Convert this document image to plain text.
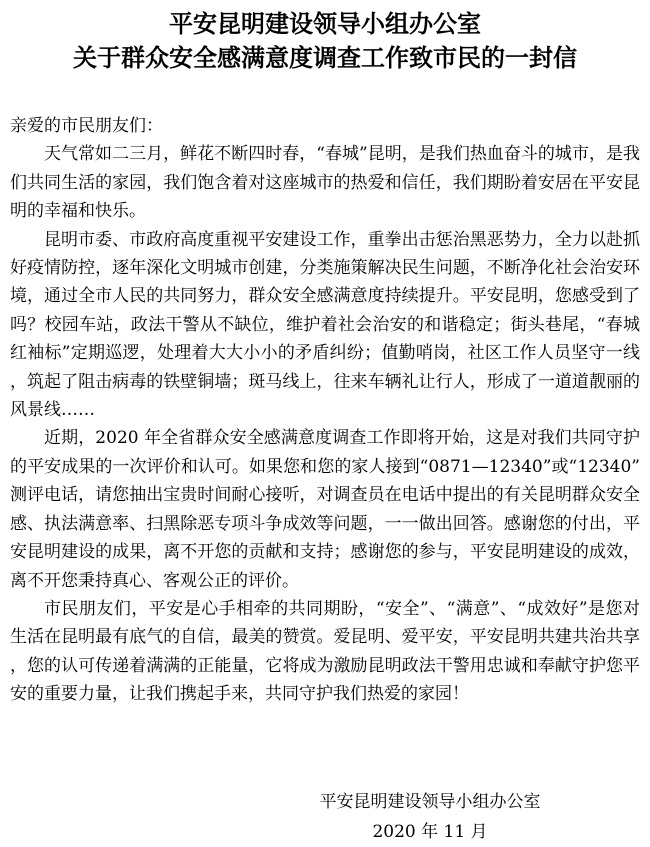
平安昆明建设领导小组办公室
关于群众安全感满意度调查工作致市民的一封信

亲爱的市民朋友们：

天气常如二三月，鲜花不断四时春，“春城”昆明，是我们热血奋斗的城市，是我们共同生活的家园，我们饱含着对这座城市的热爱和信任，我们期盼着安居在平安昆明的幸福和快乐。

昆明市委、市政府高度重视平安建设工作，重拳出击惩治黑恶势力，全力以赴抓好疫情防控，逐年深化文明城市创建，分类施策解决民生问题，不断净化社会治安环境，通过全市人民的共同努力，群众安全感满意度持续提升。平安昆明，您感受到了吗？校园车站，政法干警从不缺位，维护着社会治安的和谐稳定；街头巷尾，“春城红袖标”定期巡逻，处理着大大小小的矛盾纠纷；值勤哨岗，社区工作人员坚守一线，筑起了阻击病毒的铁壁铜墙；斑马线上，往来车辆礼让行人，形成了一道道靓丽的风景线……

近期，2020 年全省群众安全感满意度调查工作即将开始，这是对我们共同守护的平安成果的一次评价和认可。如果您和您的家人接到“0871—12340”或“12340”测评电话，请您抽出宝贵时间耐心接听，对调查员在电话中提出的有关昆明群众安全感、执法满意率、扫黑除恶专项斗争成效等问题，一一做出回答。感谢您的付出，平安昆明建设的成果，离不开您的贡献和支持；感谢您的参与，平安昆明建设的成效，离不开您秉持真心、客观公正的评价。

市民朋友们，平安是心手相牵的共同期盼，“安全”、“满意”、“成效好”是您对生活在昆明最有底气的自信，最美的赞赏。爱昆明、爱平安，平安昆明共建共治共享，您的认可传递着满满的正能量，它将成为激励昆明政法干警用忠诚和奉献守护您平安的重要力量，让我们携起手来，共同守护我们热爱的家园！

平安昆明建设领导小组办公室
2020 年 11 月
